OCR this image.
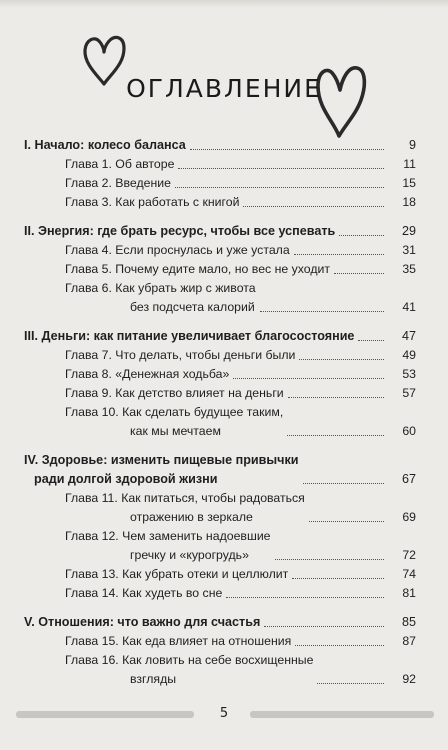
ОГЛАВЛЕНИЕ
I. Начало: колесо баланса	9
Глава 1. Об авторе	11
Глава 2. Введение	15
Глава 3. Как работать с книгой	18
II. Энергия: где брать ресурс, чтобы все успевать	29
Глава 4. Если проснулась и уже устала	31
Глава 5. Почему едите мало, но вес не уходит	35
Глава 6. Как убрать жир с живота
без подсчета калорий	41
III. Деньги: как питание увеличивает благосостояние	47
Глава 7. Что делать, чтобы деньги были	49
Глава 8. «Денежная ходьба»	53
Глава 9. Как детство влияет на деньги	57
Глава 10. Как сделать будущее таким,
как мы мечтаем	60
IV. Здоровье: изменить пищевые привычки
ради долгой здоровой жизни	67
Глава 11. Как питаться, чтобы радоваться
отражению в зеркале	69
Глава 12. Чем заменить надоевшие
гречку и «курогрудь»	72
Глава 13. Как убрать отеки и целлюлит	74
Глава 14. Как худеть во сне	81
V. Отношения: что важно для счастья	85
Глава 15. Как еда влияет на отношения	87
Глава 16. Как ловить на себе восхищенные
взгляды	92
5
